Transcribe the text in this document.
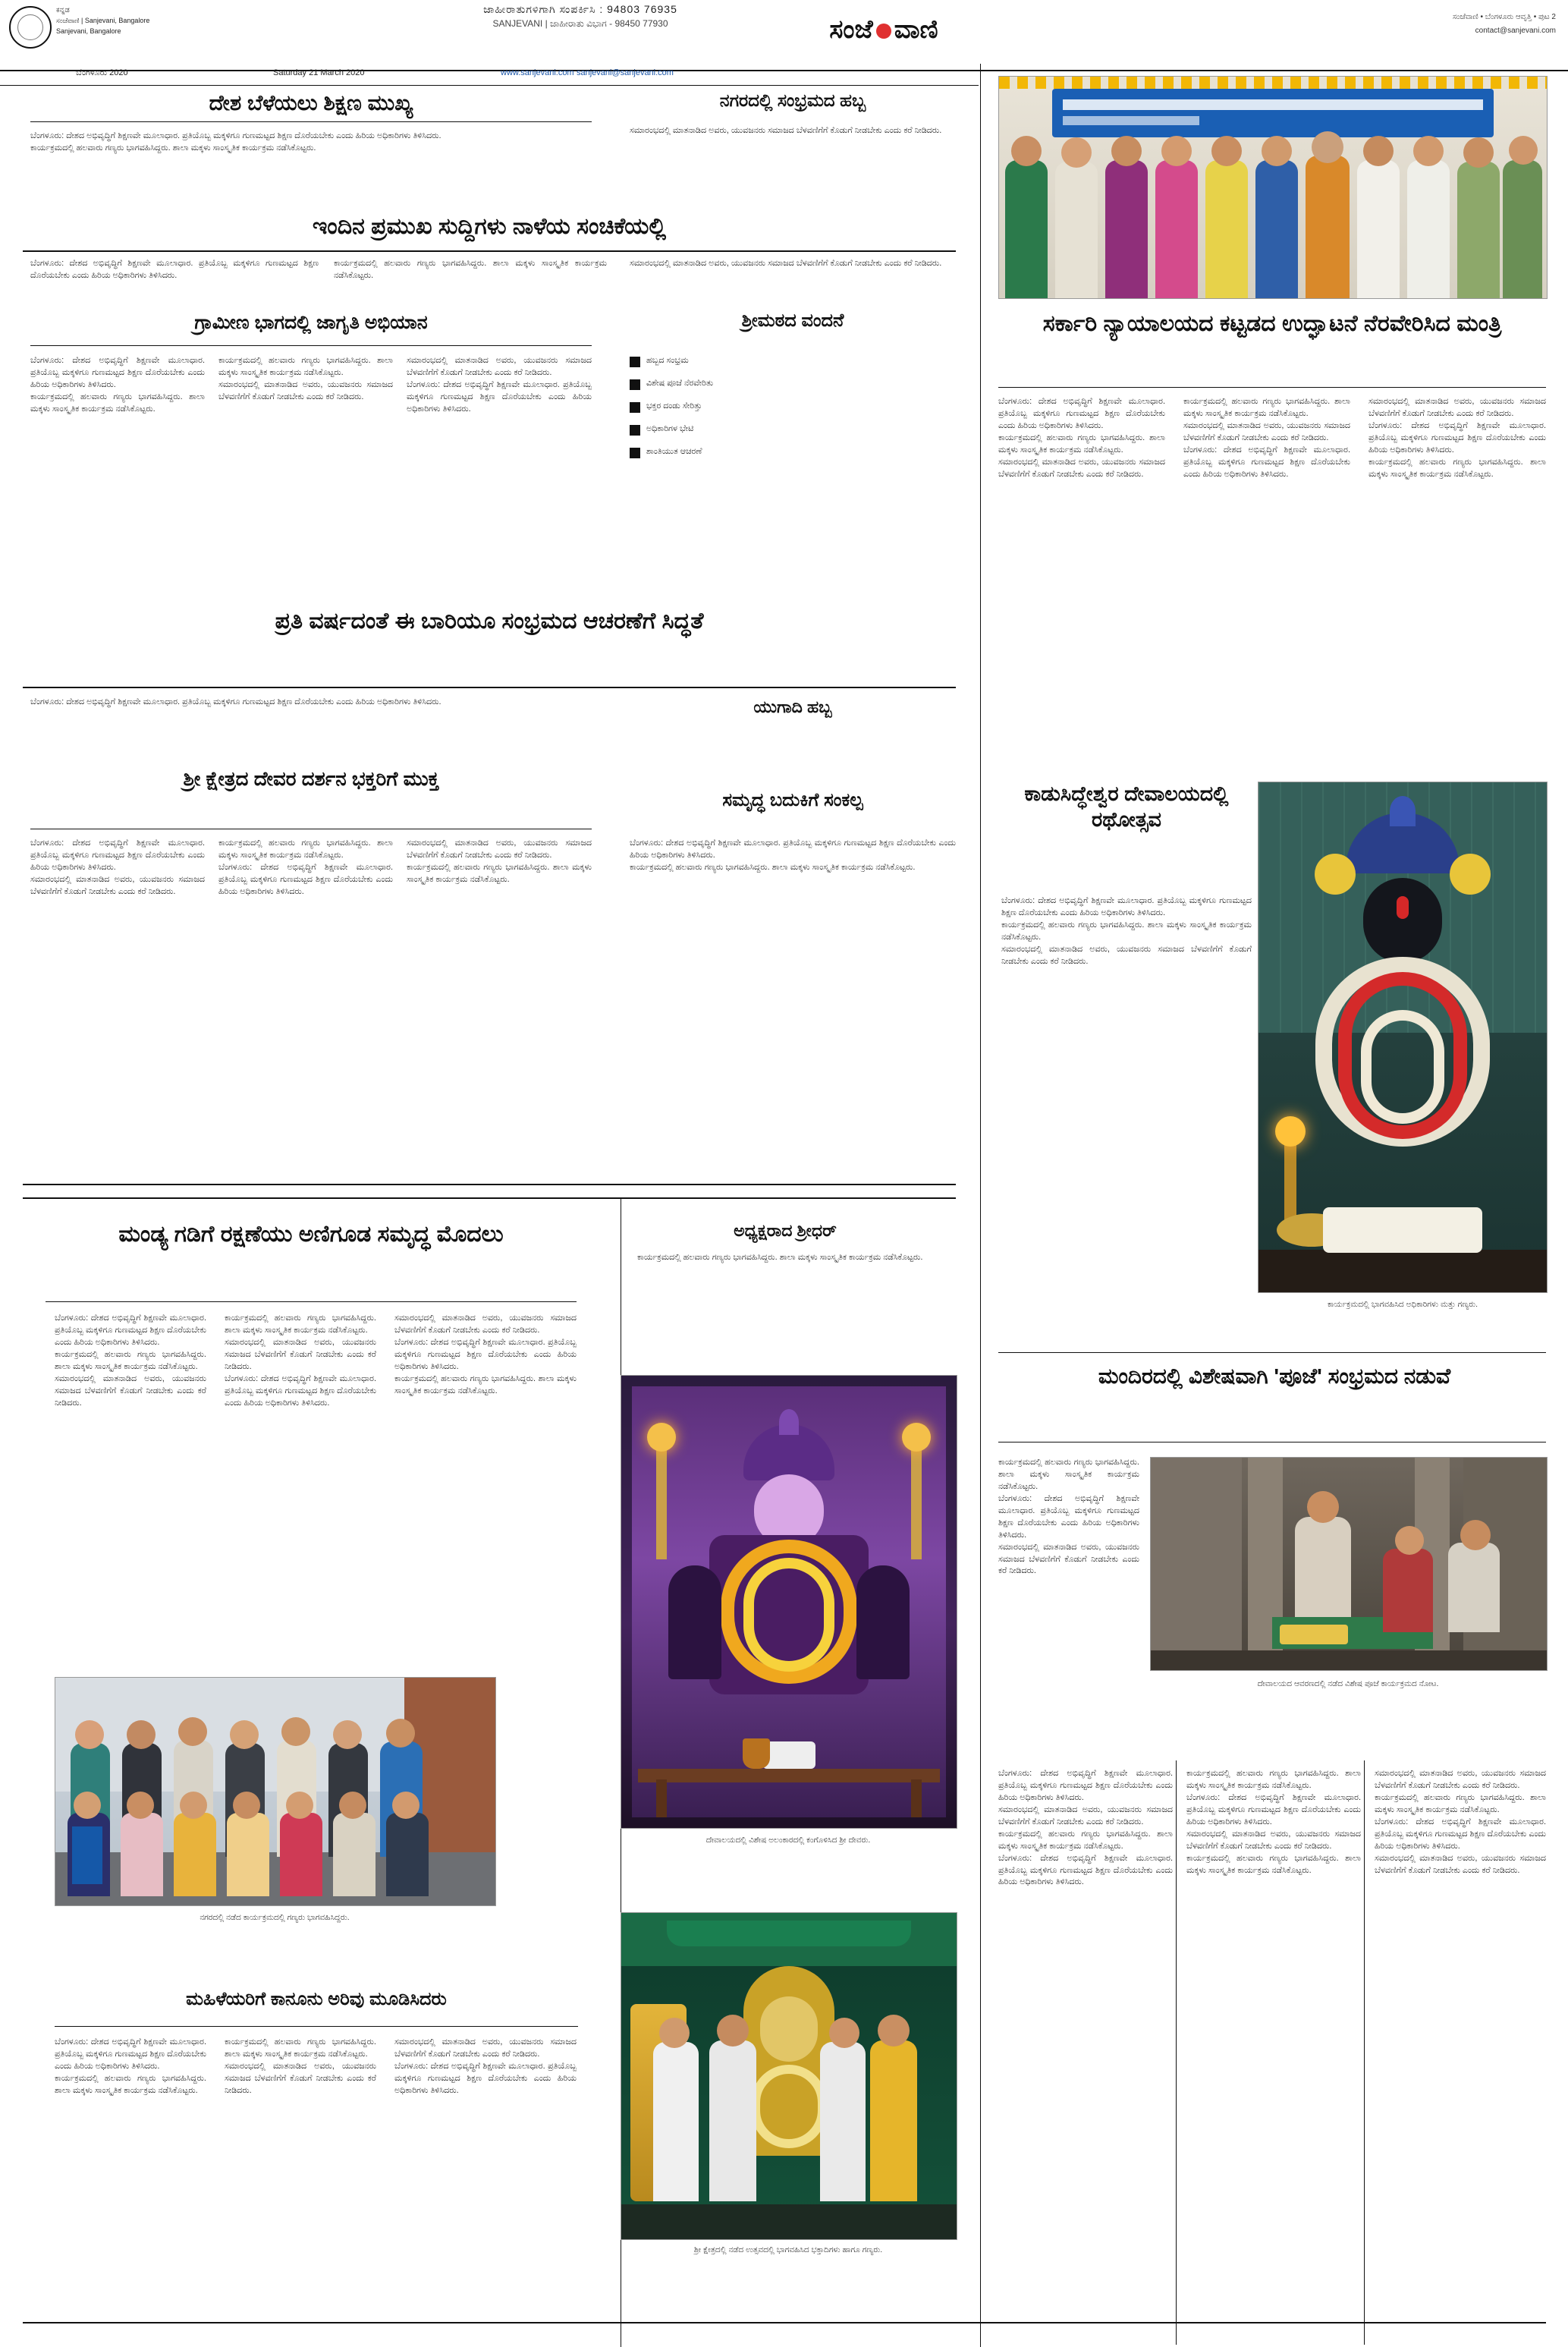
ಕನ್ನಡ
ಸಂಜೆವಾಣಿ | Sanjevani, Bangalore
Sanjevani, Bangalore
ಜಾಹೀರಾತುಗಳಿಗಾಗಿ ಸಂಪರ್ಕಿಸಿ : 94803 76935
SANJEVANI | ಜಾಹೀರಾತು ವಿಭಾಗ - 98450 77930	ಸಂಜೆ ವಾಣಿ	ಸಂಜೆವಾಣಿ • ಬೆಂಗಳೂರು ಆವೃತ್ತಿ • ಪುಟ 2
contact@sanjevani.com
ಬೆಂಗಳೂರು 2020	Saturday 21 March 2020	www.sanjevani.com sanjevani@sanjevani.com
ದೇಶ ಬೆಳೆಯಲು ಶಿಕ್ಷಣ ಮುಖ್ಯ	ನಗರದಲ್ಲಿ ಸಂಭ್ರಮದ ಹಬ್ಬ
ಬೆಂಗಳೂರು: ದೇಶದ ಅಭಿವೃದ್ಧಿಗೆ ಶಿಕ್ಷಣವೇ ಮೂಲಾಧಾರ. ಪ್ರತಿಯೊಬ್ಬ ಮಕ್ಕಳಿಗೂ ಗುಣಮಟ್ಟದ ಶಿಕ್ಷಣ ದೊರೆಯಬೇಕು ಎಂದು ಹಿರಿಯ ಅಧಿಕಾರಿಗಳು ತಿಳಿಸಿದರು.
ಕಾರ್ಯಕ್ರಮದಲ್ಲಿ ಹಲವಾರು ಗಣ್ಯರು ಭಾಗವಹಿಸಿದ್ದರು. ಶಾಲಾ ಮಕ್ಕಳು ಸಾಂಸ್ಕೃತಿಕ ಕಾರ್ಯಕ್ರಮ ನಡೆಸಿಕೊಟ್ಟರು.
ಸಮಾರಂಭದಲ್ಲಿ ಮಾತನಾಡಿದ ಅವರು, ಯುವಜನರು ಸಮಾಜದ ಬೆಳವಣಿಗೆಗೆ ಕೊಡುಗೆ ನೀಡಬೇಕು ಎಂದು ಕರೆ ನೀಡಿದರು.
ಇಂದಿನ ಪ್ರಮುಖ ಸುದ್ದಿಗಳು ನಾಳೆಯ ಸಂಚಿಕೆಯಲ್ಲಿ
ಬೆಂಗಳೂರು: ದೇಶದ ಅಭಿವೃದ್ಧಿಗೆ ಶಿಕ್ಷಣವೇ ಮೂಲಾಧಾರ. ಪ್ರತಿಯೊಬ್ಬ ಮಕ್ಕಳಿಗೂ ಗುಣಮಟ್ಟದ ಶಿಕ್ಷಣ ದೊರೆಯಬೇಕು ಎಂದು ಹಿರಿಯ ಅಧಿಕಾರಿಗಳು ತಿಳಿಸಿದರು.
ಕಾರ್ಯಕ್ರಮದಲ್ಲಿ ಹಲವಾರು ಗಣ್ಯರು ಭಾಗವಹಿಸಿದ್ದರು. ಶಾಲಾ ಮಕ್ಕಳು ಸಾಂಸ್ಕೃತಿಕ ಕಾರ್ಯಕ್ರಮ ನಡೆಸಿಕೊಟ್ಟರು.
ಸಮಾರಂಭದಲ್ಲಿ ಮಾತನಾಡಿದ ಅವರು, ಯುವಜನರು ಸಮಾಜದ ಬೆಳವಣಿಗೆಗೆ ಕೊಡುಗೆ ನೀಡಬೇಕು ಎಂದು ಕರೆ ನೀಡಿದರು.
ಗ್ರಾಮೀಣ ಭಾಗದಲ್ಲಿ ಜಾಗೃತಿ ಅಭಿಯಾನ	ಶ್ರೀಮಠದ ವಂದನೆ
ಬೆಂಗಳೂರು: ದೇಶದ ಅಭಿವೃದ್ಧಿಗೆ ಶಿಕ್ಷಣವೇ ಮೂಲಾಧಾರ. ಪ್ರತಿಯೊಬ್ಬ ಮಕ್ಕಳಿಗೂ ಗುಣಮಟ್ಟದ ಶಿಕ್ಷಣ ದೊರೆಯಬೇಕು ಎಂದು ಹಿರಿಯ ಅಧಿಕಾರಿಗಳು ತಿಳಿಸಿದರು.
ಕಾರ್ಯಕ್ರಮದಲ್ಲಿ ಹಲವಾರು ಗಣ್ಯರು ಭಾಗವಹಿಸಿದ್ದರು. ಶಾಲಾ ಮಕ್ಕಳು ಸಾಂಸ್ಕೃತಿಕ ಕಾರ್ಯಕ್ರಮ ನಡೆಸಿಕೊಟ್ಟರು.
ಕಾರ್ಯಕ್ರಮದಲ್ಲಿ ಹಲವಾರು ಗಣ್ಯರು ಭಾಗವಹಿಸಿದ್ದರು. ಶಾಲಾ ಮಕ್ಕಳು ಸಾಂಸ್ಕೃತಿಕ ಕಾರ್ಯಕ್ರಮ ನಡೆಸಿಕೊಟ್ಟರು.
ಸಮಾರಂಭದಲ್ಲಿ ಮಾತನಾಡಿದ ಅವರು, ಯುವಜನರು ಸಮಾಜದ ಬೆಳವಣಿಗೆಗೆ ಕೊಡುಗೆ ನೀಡಬೇಕು ಎಂದು ಕರೆ ನೀಡಿದರು.
ಸಮಾರಂಭದಲ್ಲಿ ಮಾತನಾಡಿದ ಅವರು, ಯುವಜನರು ಸಮಾಜದ ಬೆಳವಣಿಗೆಗೆ ಕೊಡುಗೆ ನೀಡಬೇಕು ಎಂದು ಕರೆ ನೀಡಿದರು.
ಬೆಂಗಳೂರು: ದೇಶದ ಅಭಿವೃದ್ಧಿಗೆ ಶಿಕ್ಷಣವೇ ಮೂಲಾಧಾರ. ಪ್ರತಿಯೊಬ್ಬ ಮಕ್ಕಳಿಗೂ ಗುಣಮಟ್ಟದ ಶಿಕ್ಷಣ ದೊರೆಯಬೇಕು ಎಂದು ಹಿರಿಯ ಅಧಿಕಾರಿಗಳು ತಿಳಿಸಿದರು.
ಹಬ್ಬದ ಸಂಭ್ರಮ
ವಿಶೇಷ ಪೂಜೆ ನೆರವೇರಿತು
ಭಕ್ತರ ದಂಡು ಸೇರಿತ್ತು
ಅಧಿಕಾರಿಗಳ ಭೇಟಿ
ಶಾಂತಿಯುತ ಆಚರಣೆ
ಪ್ರತಿ ವರ್ಷದಂತೆ ಈ ಬಾರಿಯೂ ಸಂಭ್ರಮದ ಆಚರಣೆಗೆ ಸಿದ್ಧತೆ
ಬೆಂಗಳೂರು: ದೇಶದ ಅಭಿವೃದ್ಧಿಗೆ ಶಿಕ್ಷಣವೇ ಮೂಲಾಧಾರ. ಪ್ರತಿಯೊಬ್ಬ ಮಕ್ಕಳಿಗೂ ಗುಣಮಟ್ಟದ ಶಿಕ್ಷಣ ದೊರೆಯಬೇಕು ಎಂದು ಹಿರಿಯ ಅಧಿಕಾರಿಗಳು ತಿಳಿಸಿದರು.	ಯುಗಾದಿ ಹಬ್ಬ
ಶ್ರೀ ಕ್ಷೇತ್ರದ ದೇವರ ದರ್ಶನ ಭಕ್ತರಿಗೆ ಮುಕ್ತ
ಸಮೃದ್ಧ ಬದುಕಿಗೆ ಸಂಕಲ್ಪ
ಬೆಂಗಳೂರು: ದೇಶದ ಅಭಿವೃದ್ಧಿಗೆ ಶಿಕ್ಷಣವೇ ಮೂಲಾಧಾರ. ಪ್ರತಿಯೊಬ್ಬ ಮಕ್ಕಳಿಗೂ ಗುಣಮಟ್ಟದ ಶಿಕ್ಷಣ ದೊರೆಯಬೇಕು ಎಂದು ಹಿರಿಯ ಅಧಿಕಾರಿಗಳು ತಿಳಿಸಿದರು.
ಸಮಾರಂಭದಲ್ಲಿ ಮಾತನಾಡಿದ ಅವರು, ಯುವಜನರು ಸಮಾಜದ ಬೆಳವಣಿಗೆಗೆ ಕೊಡುಗೆ ನೀಡಬೇಕು ಎಂದು ಕರೆ ನೀಡಿದರು.
ಕಾರ್ಯಕ್ರಮದಲ್ಲಿ ಹಲವಾರು ಗಣ್ಯರು ಭಾಗವಹಿಸಿದ್ದರು. ಶಾಲಾ ಮಕ್ಕಳು ಸಾಂಸ್ಕೃತಿಕ ಕಾರ್ಯಕ್ರಮ ನಡೆಸಿಕೊಟ್ಟರು.
ಬೆಂಗಳೂರು: ದೇಶದ ಅಭಿವೃದ್ಧಿಗೆ ಶಿಕ್ಷಣವೇ ಮೂಲಾಧಾರ. ಪ್ರತಿಯೊಬ್ಬ ಮಕ್ಕಳಿಗೂ ಗುಣಮಟ್ಟದ ಶಿಕ್ಷಣ ದೊರೆಯಬೇಕು ಎಂದು ಹಿರಿಯ ಅಧಿಕಾರಿಗಳು ತಿಳಿಸಿದರು.
ಸಮಾರಂಭದಲ್ಲಿ ಮಾತನಾಡಿದ ಅವರು, ಯುವಜನರು ಸಮಾಜದ ಬೆಳವಣಿಗೆಗೆ ಕೊಡುಗೆ ನೀಡಬೇಕು ಎಂದು ಕರೆ ನೀಡಿದರು.
ಕಾರ್ಯಕ್ರಮದಲ್ಲಿ ಹಲವಾರು ಗಣ್ಯರು ಭಾಗವಹಿಸಿದ್ದರು. ಶಾಲಾ ಮಕ್ಕಳು ಸಾಂಸ್ಕೃತಿಕ ಕಾರ್ಯಕ್ರಮ ನಡೆಸಿಕೊಟ್ಟರು.
ಬೆಂಗಳೂರು: ದೇಶದ ಅಭಿವೃದ್ಧಿಗೆ ಶಿಕ್ಷಣವೇ ಮೂಲಾಧಾರ. ಪ್ರತಿಯೊಬ್ಬ ಮಕ್ಕಳಿಗೂ ಗುಣಮಟ್ಟದ ಶಿಕ್ಷಣ ದೊರೆಯಬೇಕು ಎಂದು ಹಿರಿಯ ಅಧಿಕಾರಿಗಳು ತಿಳಿಸಿದರು.
ಕಾರ್ಯಕ್ರಮದಲ್ಲಿ ಹಲವಾರು ಗಣ್ಯರು ಭಾಗವಹಿಸಿದ್ದರು. ಶಾಲಾ ಮಕ್ಕಳು ಸಾಂಸ್ಕೃತಿಕ ಕಾರ್ಯಕ್ರಮ ನಡೆಸಿಕೊಟ್ಟರು.
ಮಂಡ್ಯ ಗಡಿಗೆ ರಕ್ಷಣೆಯು ಅಣಿಗೂಡ ಸಮೃದ್ಧ ಮೊದಲು
ಬೆಂಗಳೂರು: ದೇಶದ ಅಭಿವೃದ್ಧಿಗೆ ಶಿಕ್ಷಣವೇ ಮೂಲಾಧಾರ. ಪ್ರತಿಯೊಬ್ಬ ಮಕ್ಕಳಿಗೂ ಗುಣಮಟ್ಟದ ಶಿಕ್ಷಣ ದೊರೆಯಬೇಕು ಎಂದು ಹಿರಿಯ ಅಧಿಕಾರಿಗಳು ತಿಳಿಸಿದರು.
ಕಾರ್ಯಕ್ರಮದಲ್ಲಿ ಹಲವಾರು ಗಣ್ಯರು ಭಾಗವಹಿಸಿದ್ದರು. ಶಾಲಾ ಮಕ್ಕಳು ಸಾಂಸ್ಕೃತಿಕ ಕಾರ್ಯಕ್ರಮ ನಡೆಸಿಕೊಟ್ಟರು.
ಸಮಾರಂಭದಲ್ಲಿ ಮಾತನಾಡಿದ ಅವರು, ಯುವಜನರು ಸಮಾಜದ ಬೆಳವಣಿಗೆಗೆ ಕೊಡುಗೆ ನೀಡಬೇಕು ಎಂದು ಕರೆ ನೀಡಿದರು.
ಕಾರ್ಯಕ್ರಮದಲ್ಲಿ ಹಲವಾರು ಗಣ್ಯರು ಭಾಗವಹಿಸಿದ್ದರು. ಶಾಲಾ ಮಕ್ಕಳು ಸಾಂಸ್ಕೃತಿಕ ಕಾರ್ಯಕ್ರಮ ನಡೆಸಿಕೊಟ್ಟರು.
ಸಮಾರಂಭದಲ್ಲಿ ಮಾತನಾಡಿದ ಅವರು, ಯುವಜನರು ಸಮಾಜದ ಬೆಳವಣಿಗೆಗೆ ಕೊಡುಗೆ ನೀಡಬೇಕು ಎಂದು ಕರೆ ನೀಡಿದರು.
ಬೆಂಗಳೂರು: ದೇಶದ ಅಭಿವೃದ್ಧಿಗೆ ಶಿಕ್ಷಣವೇ ಮೂಲಾಧಾರ. ಪ್ರತಿಯೊಬ್ಬ ಮಕ್ಕಳಿಗೂ ಗುಣಮಟ್ಟದ ಶಿಕ್ಷಣ ದೊರೆಯಬೇಕು ಎಂದು ಹಿರಿಯ ಅಧಿಕಾರಿಗಳು ತಿಳಿಸಿದರು.
ಸಮಾರಂಭದಲ್ಲಿ ಮಾತನಾಡಿದ ಅವರು, ಯುವಜನರು ಸಮಾಜದ ಬೆಳವಣಿಗೆಗೆ ಕೊಡುಗೆ ನೀಡಬೇಕು ಎಂದು ಕರೆ ನೀಡಿದರು.
ಬೆಂಗಳೂರು: ದೇಶದ ಅಭಿವೃದ್ಧಿಗೆ ಶಿಕ್ಷಣವೇ ಮೂಲಾಧಾರ. ಪ್ರತಿಯೊಬ್ಬ ಮಕ್ಕಳಿಗೂ ಗುಣಮಟ್ಟದ ಶಿಕ್ಷಣ ದೊರೆಯಬೇಕು ಎಂದು ಹಿರಿಯ ಅಧಿಕಾರಿಗಳು ತಿಳಿಸಿದರು.
ಕಾರ್ಯಕ್ರಮದಲ್ಲಿ ಹಲವಾರು ಗಣ್ಯರು ಭಾಗವಹಿಸಿದ್ದರು. ಶಾಲಾ ಮಕ್ಕಳು ಸಾಂಸ್ಕೃತಿಕ ಕಾರ್ಯಕ್ರಮ ನಡೆಸಿಕೊಟ್ಟರು.
ಅಧ್ಯಕ್ಷರಾದ ಶ್ರೀಧರ್
ಕಾರ್ಯಕ್ರಮದಲ್ಲಿ ಹಲವಾರು ಗಣ್ಯರು ಭಾಗವಹಿಸಿದ್ದರು. ಶಾಲಾ ಮಕ್ಕಳು ಸಾಂಸ್ಕೃತಿಕ ಕಾರ್ಯಕ್ರಮ ನಡೆಸಿಕೊಟ್ಟರು.
ದೇವಾಲಯದಲ್ಲಿ ವಿಶೇಷ ಅಲಂಕಾರದಲ್ಲಿ ಕಂಗೊಳಿಸಿದ ಶ್ರೀ ದೇವರು.
ನಗರದಲ್ಲಿ ನಡೆದ ಕಾರ್ಯಕ್ರಮದಲ್ಲಿ ಗಣ್ಯರು ಭಾಗವಹಿಸಿದ್ದರು.
ಮಹಿಳೆಯರಿಗೆ ಕಾನೂನು ಅರಿವು ಮೂಡಿಸಿದರು
ಬೆಂಗಳೂರು: ದೇಶದ ಅಭಿವೃದ್ಧಿಗೆ ಶಿಕ್ಷಣವೇ ಮೂಲಾಧಾರ. ಪ್ರತಿಯೊಬ್ಬ ಮಕ್ಕಳಿಗೂ ಗುಣಮಟ್ಟದ ಶಿಕ್ಷಣ ದೊರೆಯಬೇಕು ಎಂದು ಹಿರಿಯ ಅಧಿಕಾರಿಗಳು ತಿಳಿಸಿದರು.
ಕಾರ್ಯಕ್ರಮದಲ್ಲಿ ಹಲವಾರು ಗಣ್ಯರು ಭಾಗವಹಿಸಿದ್ದರು. ಶಾಲಾ ಮಕ್ಕಳು ಸಾಂಸ್ಕೃತಿಕ ಕಾರ್ಯಕ್ರಮ ನಡೆಸಿಕೊಟ್ಟರು.
ಕಾರ್ಯಕ್ರಮದಲ್ಲಿ ಹಲವಾರು ಗಣ್ಯರು ಭಾಗವಹಿಸಿದ್ದರು. ಶಾಲಾ ಮಕ್ಕಳು ಸಾಂಸ್ಕೃತಿಕ ಕಾರ್ಯಕ್ರಮ ನಡೆಸಿಕೊಟ್ಟರು.
ಸಮಾರಂಭದಲ್ಲಿ ಮಾತನಾಡಿದ ಅವರು, ಯುವಜನರು ಸಮಾಜದ ಬೆಳವಣಿಗೆಗೆ ಕೊಡುಗೆ ನೀಡಬೇಕು ಎಂದು ಕರೆ ನೀಡಿದರು.
ಸಮಾರಂಭದಲ್ಲಿ ಮಾತನಾಡಿದ ಅವರು, ಯುವಜನರು ಸಮಾಜದ ಬೆಳವಣಿಗೆಗೆ ಕೊಡುಗೆ ನೀಡಬೇಕು ಎಂದು ಕರೆ ನೀಡಿದರು.
ಬೆಂಗಳೂರು: ದೇಶದ ಅಭಿವೃದ್ಧಿಗೆ ಶಿಕ್ಷಣವೇ ಮೂಲಾಧಾರ. ಪ್ರತಿಯೊಬ್ಬ ಮಕ್ಕಳಿಗೂ ಗುಣಮಟ್ಟದ ಶಿಕ್ಷಣ ದೊರೆಯಬೇಕು ಎಂದು ಹಿರಿಯ ಅಧಿಕಾರಿಗಳು ತಿಳಿಸಿದರು.
ಶ್ರೀ ಕ್ಷೇತ್ರದಲ್ಲಿ ನಡೆದ ಉತ್ಸವದಲ್ಲಿ ಭಾಗವಹಿಸಿದ ಭಕ್ತಾದಿಗಳು ಹಾಗೂ ಗಣ್ಯರು.
ಸರ್ಕಾರಿ ನ್ಯಾಯಾಲಯದ ಕಟ್ಟಡದ ಉದ್ಘಾಟನೆ ನೆರವೇರಿಸಿದ ಮಂತ್ರಿ
ಬೆಂಗಳೂರು: ದೇಶದ ಅಭಿವೃದ್ಧಿಗೆ ಶಿಕ್ಷಣವೇ ಮೂಲಾಧಾರ. ಪ್ರತಿಯೊಬ್ಬ ಮಕ್ಕಳಿಗೂ ಗುಣಮಟ್ಟದ ಶಿಕ್ಷಣ ದೊರೆಯಬೇಕು ಎಂದು ಹಿರಿಯ ಅಧಿಕಾರಿಗಳು ತಿಳಿಸಿದರು.
ಕಾರ್ಯಕ್ರಮದಲ್ಲಿ ಹಲವಾರು ಗಣ್ಯರು ಭಾಗವಹಿಸಿದ್ದರು. ಶಾಲಾ ಮಕ್ಕಳು ಸಾಂಸ್ಕೃತಿಕ ಕಾರ್ಯಕ್ರಮ ನಡೆಸಿಕೊಟ್ಟರು.
ಸಮಾರಂಭದಲ್ಲಿ ಮಾತನಾಡಿದ ಅವರು, ಯುವಜನರು ಸಮಾಜದ ಬೆಳವಣಿಗೆಗೆ ಕೊಡುಗೆ ನೀಡಬೇಕು ಎಂದು ಕರೆ ನೀಡಿದರು.
ಕಾರ್ಯಕ್ರಮದಲ್ಲಿ ಹಲವಾರು ಗಣ್ಯರು ಭಾಗವಹಿಸಿದ್ದರು. ಶಾಲಾ ಮಕ್ಕಳು ಸಾಂಸ್ಕೃತಿಕ ಕಾರ್ಯಕ್ರಮ ನಡೆಸಿಕೊಟ್ಟರು.
ಸಮಾರಂಭದಲ್ಲಿ ಮಾತನಾಡಿದ ಅವರು, ಯುವಜನರು ಸಮಾಜದ ಬೆಳವಣಿಗೆಗೆ ಕೊಡುಗೆ ನೀಡಬೇಕು ಎಂದು ಕರೆ ನೀಡಿದರು.
ಬೆಂಗಳೂರು: ದೇಶದ ಅಭಿವೃದ್ಧಿಗೆ ಶಿಕ್ಷಣವೇ ಮೂಲಾಧಾರ. ಪ್ರತಿಯೊಬ್ಬ ಮಕ್ಕಳಿಗೂ ಗುಣಮಟ್ಟದ ಶಿಕ್ಷಣ ದೊರೆಯಬೇಕು ಎಂದು ಹಿರಿಯ ಅಧಿಕಾರಿಗಳು ತಿಳಿಸಿದರು.
ಸಮಾರಂಭದಲ್ಲಿ ಮಾತನಾಡಿದ ಅವರು, ಯುವಜನರು ಸಮಾಜದ ಬೆಳವಣಿಗೆಗೆ ಕೊಡುಗೆ ನೀಡಬೇಕು ಎಂದು ಕರೆ ನೀಡಿದರು.
ಬೆಂಗಳೂರು: ದೇಶದ ಅಭಿವೃದ್ಧಿಗೆ ಶಿಕ್ಷಣವೇ ಮೂಲಾಧಾರ. ಪ್ರತಿಯೊಬ್ಬ ಮಕ್ಕಳಿಗೂ ಗುಣಮಟ್ಟದ ಶಿಕ್ಷಣ ದೊರೆಯಬೇಕು ಎಂದು ಹಿರಿಯ ಅಧಿಕಾರಿಗಳು ತಿಳಿಸಿದರು.
ಕಾರ್ಯಕ್ರಮದಲ್ಲಿ ಹಲವಾರು ಗಣ್ಯರು ಭಾಗವಹಿಸಿದ್ದರು. ಶಾಲಾ ಮಕ್ಕಳು ಸಾಂಸ್ಕೃತಿಕ ಕಾರ್ಯಕ್ರಮ ನಡೆಸಿಕೊಟ್ಟರು.
ಕಾಡುಸಿದ್ಧೇಶ್ವರ ದೇವಾಲಯದಲ್ಲಿ ರಥೋತ್ಸವ
ಬೆಂಗಳೂರು: ದೇಶದ ಅಭಿವೃದ್ಧಿಗೆ ಶಿಕ್ಷಣವೇ ಮೂಲಾಧಾರ. ಪ್ರತಿಯೊಬ್ಬ ಮಕ್ಕಳಿಗೂ ಗುಣಮಟ್ಟದ ಶಿಕ್ಷಣ ದೊರೆಯಬೇಕು ಎಂದು ಹಿರಿಯ ಅಧಿಕಾರಿಗಳು ತಿಳಿಸಿದರು.
ಕಾರ್ಯಕ್ರಮದಲ್ಲಿ ಹಲವಾರು ಗಣ್ಯರು ಭಾಗವಹಿಸಿದ್ದರು. ಶಾಲಾ ಮಕ್ಕಳು ಸಾಂಸ್ಕೃತಿಕ ಕಾರ್ಯಕ್ರಮ ನಡೆಸಿಕೊಟ್ಟರು.
ಸಮಾರಂಭದಲ್ಲಿ ಮಾತನಾಡಿದ ಅವರು, ಯುವಜನರು ಸಮಾಜದ ಬೆಳವಣಿಗೆಗೆ ಕೊಡುಗೆ ನೀಡಬೇಕು ಎಂದು ಕರೆ ನೀಡಿದರು.
ಕಾರ್ಯಕ್ರಮದಲ್ಲಿ ಭಾಗವಹಿಸಿದ ಅಧಿಕಾರಿಗಳು ಮತ್ತು ಗಣ್ಯರು.
ಮಂದಿರದಲ್ಲಿ ವಿಶೇಷವಾಗಿ 'ಪೂಜೆ' ಸಂಭ್ರಮದ ನಡುವೆ
ದೇವಾಲಯದ ಆವರಣದಲ್ಲಿ ನಡೆದ ವಿಶೇಷ ಪೂಜೆ ಕಾರ್ಯಕ್ರಮದ ನೋಟ.
ಕಾರ್ಯಕ್ರಮದಲ್ಲಿ ಹಲವಾರು ಗಣ್ಯರು ಭಾಗವಹಿಸಿದ್ದರು. ಶಾಲಾ ಮಕ್ಕಳು ಸಾಂಸ್ಕೃತಿಕ ಕಾರ್ಯಕ್ರಮ ನಡೆಸಿಕೊಟ್ಟರು.
ಬೆಂಗಳೂರು: ದೇಶದ ಅಭಿವೃದ್ಧಿಗೆ ಶಿಕ್ಷಣವೇ ಮೂಲಾಧಾರ. ಪ್ರತಿಯೊಬ್ಬ ಮಕ್ಕಳಿಗೂ ಗುಣಮಟ್ಟದ ಶಿಕ್ಷಣ ದೊರೆಯಬೇಕು ಎಂದು ಹಿರಿಯ ಅಧಿಕಾರಿಗಳು ತಿಳಿಸಿದರು.
ಸಮಾರಂಭದಲ್ಲಿ ಮಾತನಾಡಿದ ಅವರು, ಯುವಜನರು ಸಮಾಜದ ಬೆಳವಣಿಗೆಗೆ ಕೊಡುಗೆ ನೀಡಬೇಕು ಎಂದು ಕರೆ ನೀಡಿದರು.
ಬೆಂಗಳೂರು: ದೇಶದ ಅಭಿವೃದ್ಧಿಗೆ ಶಿಕ್ಷಣವೇ ಮೂಲಾಧಾರ. ಪ್ರತಿಯೊಬ್ಬ ಮಕ್ಕಳಿಗೂ ಗುಣಮಟ್ಟದ ಶಿಕ್ಷಣ ದೊರೆಯಬೇಕು ಎಂದು ಹಿರಿಯ ಅಧಿಕಾರಿಗಳು ತಿಳಿಸಿದರು.
ಸಮಾರಂಭದಲ್ಲಿ ಮಾತನಾಡಿದ ಅವರು, ಯುವಜನರು ಸಮಾಜದ ಬೆಳವಣಿಗೆಗೆ ಕೊಡುಗೆ ನೀಡಬೇಕು ಎಂದು ಕರೆ ನೀಡಿದರು.
ಕಾರ್ಯಕ್ರಮದಲ್ಲಿ ಹಲವಾರು ಗಣ್ಯರು ಭಾಗವಹಿಸಿದ್ದರು. ಶಾಲಾ ಮಕ್ಕಳು ಸಾಂಸ್ಕೃತಿಕ ಕಾರ್ಯಕ್ರಮ ನಡೆಸಿಕೊಟ್ಟರು.
ಬೆಂಗಳೂರು: ದೇಶದ ಅಭಿವೃದ್ಧಿಗೆ ಶಿಕ್ಷಣವೇ ಮೂಲಾಧಾರ. ಪ್ರತಿಯೊಬ್ಬ ಮಕ್ಕಳಿಗೂ ಗುಣಮಟ್ಟದ ಶಿಕ್ಷಣ ದೊರೆಯಬೇಕು ಎಂದು ಹಿರಿಯ ಅಧಿಕಾರಿಗಳು ತಿಳಿಸಿದರು.
ಕಾರ್ಯಕ್ರಮದಲ್ಲಿ ಹಲವಾರು ಗಣ್ಯರು ಭಾಗವಹಿಸಿದ್ದರು. ಶಾಲಾ ಮಕ್ಕಳು ಸಾಂಸ್ಕೃತಿಕ ಕಾರ್ಯಕ್ರಮ ನಡೆಸಿಕೊಟ್ಟರು.
ಬೆಂಗಳೂರು: ದೇಶದ ಅಭಿವೃದ್ಧಿಗೆ ಶಿಕ್ಷಣವೇ ಮೂಲಾಧಾರ. ಪ್ರತಿಯೊಬ್ಬ ಮಕ್ಕಳಿಗೂ ಗುಣಮಟ್ಟದ ಶಿಕ್ಷಣ ದೊರೆಯಬೇಕು ಎಂದು ಹಿರಿಯ ಅಧಿಕಾರಿಗಳು ತಿಳಿಸಿದರು.
ಸಮಾರಂಭದಲ್ಲಿ ಮಾತನಾಡಿದ ಅವರು, ಯುವಜನರು ಸಮಾಜದ ಬೆಳವಣಿಗೆಗೆ ಕೊಡುಗೆ ನೀಡಬೇಕು ಎಂದು ಕರೆ ನೀಡಿದರು.
ಕಾರ್ಯಕ್ರಮದಲ್ಲಿ ಹಲವಾರು ಗಣ್ಯರು ಭಾಗವಹಿಸಿದ್ದರು. ಶಾಲಾ ಮಕ್ಕಳು ಸಾಂಸ್ಕೃತಿಕ ಕಾರ್ಯಕ್ರಮ ನಡೆಸಿಕೊಟ್ಟರು.
ಸಮಾರಂಭದಲ್ಲಿ ಮಾತನಾಡಿದ ಅವರು, ಯುವಜನರು ಸಮಾಜದ ಬೆಳವಣಿಗೆಗೆ ಕೊಡುಗೆ ನೀಡಬೇಕು ಎಂದು ಕರೆ ನೀಡಿದರು.
ಕಾರ್ಯಕ್ರಮದಲ್ಲಿ ಹಲವಾರು ಗಣ್ಯರು ಭಾಗವಹಿಸಿದ್ದರು. ಶಾಲಾ ಮಕ್ಕಳು ಸಾಂಸ್ಕೃತಿಕ ಕಾರ್ಯಕ್ರಮ ನಡೆಸಿಕೊಟ್ಟರು.
ಬೆಂಗಳೂರು: ದೇಶದ ಅಭಿವೃದ್ಧಿಗೆ ಶಿಕ್ಷಣವೇ ಮೂಲಾಧಾರ. ಪ್ರತಿಯೊಬ್ಬ ಮಕ್ಕಳಿಗೂ ಗುಣಮಟ್ಟದ ಶಿಕ್ಷಣ ದೊರೆಯಬೇಕು ಎಂದು ಹಿರಿಯ ಅಧಿಕಾರಿಗಳು ತಿಳಿಸಿದರು.
ಸಮಾರಂಭದಲ್ಲಿ ಮಾತನಾಡಿದ ಅವರು, ಯುವಜನರು ಸಮಾಜದ ಬೆಳವಣಿಗೆಗೆ ಕೊಡುಗೆ ನೀಡಬೇಕು ಎಂದು ಕರೆ ನೀಡಿದರು.
